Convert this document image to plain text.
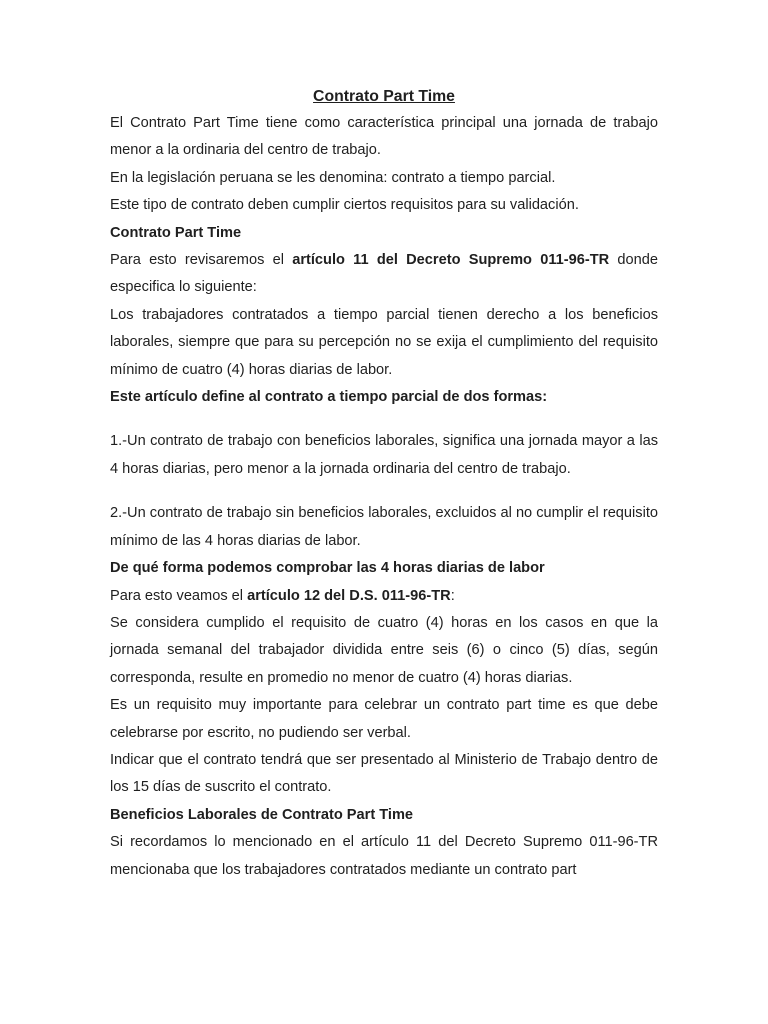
Contrato Part Time

El Contrato Part Time tiene como característica principal una jornada de trabajo menor a la ordinaria del centro de trabajo.

En la legislación peruana se les denomina: contrato a tiempo parcial.

Este tipo de contrato deben cumplir ciertos requisitos para su validación.

Contrato Part Time

Para esto revisaremos el artículo 11 del Decreto Supremo 011-96-TR donde especifica lo siguiente:

Los trabajadores contratados a tiempo parcial tienen derecho a los beneficios laborales, siempre que para su percepción no se exija el cumplimiento del requisito mínimo de cuatro (4) horas diarias de labor.

Este artículo define al contrato a tiempo parcial de dos formas:

1.-Un contrato de trabajo con beneficios laborales, significa una jornada mayor a las 4 horas diarias, pero menor a la jornada ordinaria del centro de trabajo.

2.-Un contrato de trabajo sin beneficios laborales, excluidos al no cumplir el requisito mínimo de las 4 horas diarias de labor.

De qué forma podemos comprobar las 4 horas diarias de labor

Para esto veamos el artículo 12 del D.S. 011-96-TR:

Se considera cumplido el requisito de cuatro (4) horas en los casos en que la jornada semanal del trabajador dividida entre seis (6) o cinco (5) días, según corresponda, resulte en promedio no menor de cuatro (4) horas diarias.

Es un requisito muy importante para celebrar un contrato part time es que debe celebrarse por escrito, no pudiendo ser verbal.

Indicar que el contrato tendrá que ser presentado al Ministerio de Trabajo dentro de los 15 días de suscrito el contrato.

Beneficios Laborales de Contrato Part Time

Si recordamos lo mencionado en el artículo 11 del Decreto Supremo 011-96-TR mencionaba que los trabajadores contratados mediante un contrato part
